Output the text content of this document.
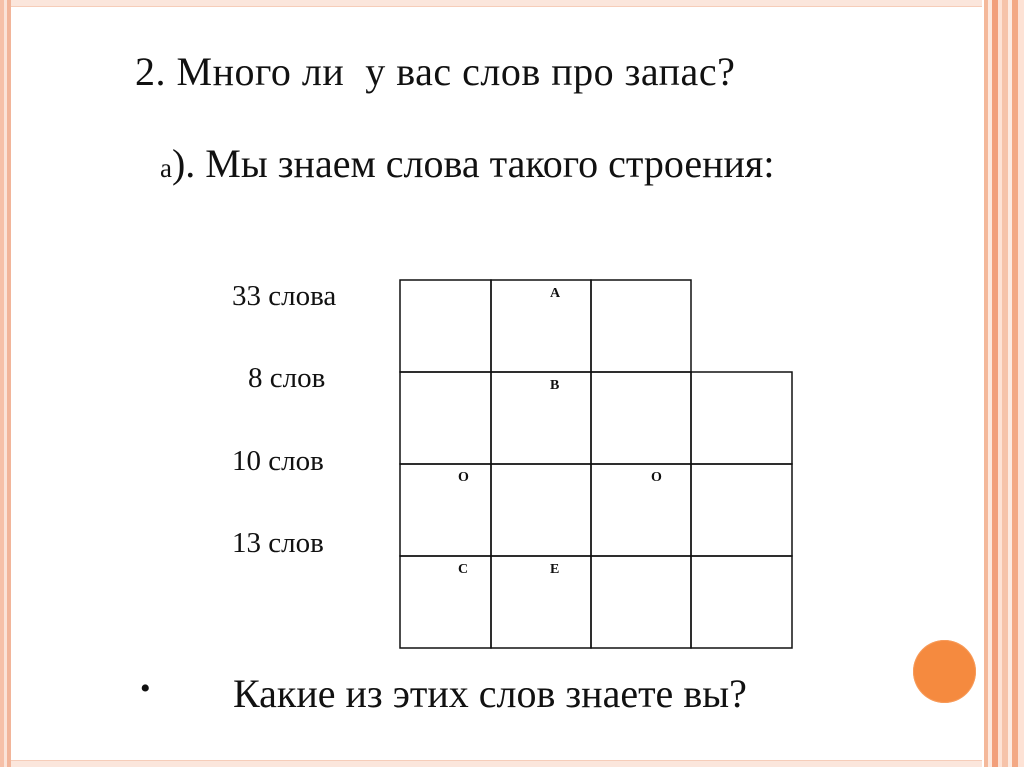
2. Много ли  у вас слов про запас?
а). Мы знаем слова такого строения:
33 слова
8 слов
10 слов
13 слов
А
В
О	О
С	Е
• Какие из этих слов знаете вы?
